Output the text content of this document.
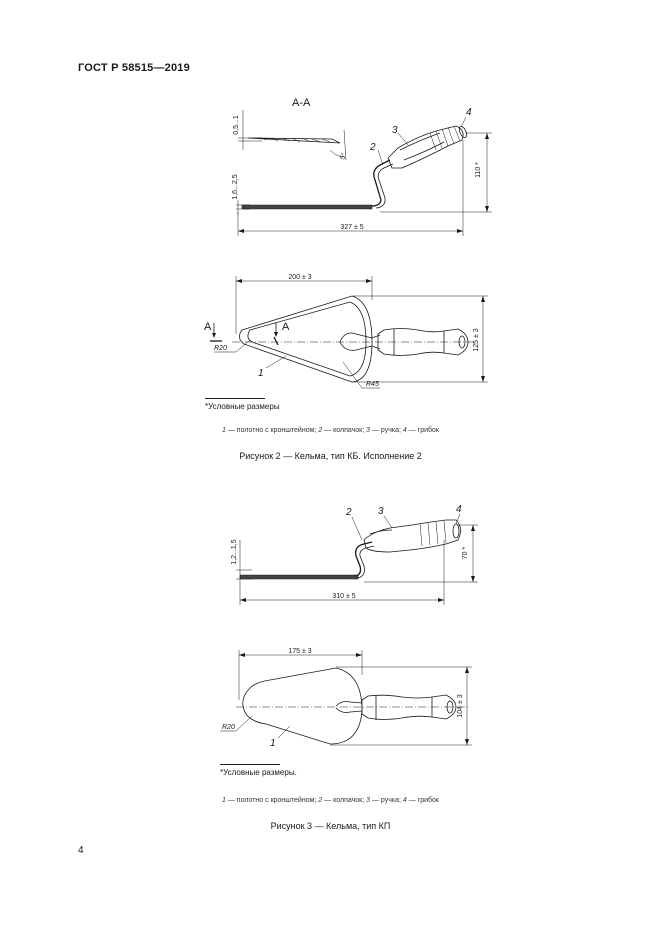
ГОСТ Р 58515—2019
А-А
0,5...1
5°
1,6...2,5
2
3
4
110 *
327 ± 5
200 ± 3
125 ± 3
А	А
R20
R45
1
1,2...1,5
2	3	4
70 *
310 ± 5
175 ± 3
104 ± 3
R20
1
*Условные размеры
1 — полотно с кронштейном; 2 — колпачок; 3 — ручка; 4 — грибок
Рисунок 2 — Кельма, тип КБ. Исполнение 2
*Условные размеры.
1 — полотно с кронштейном; 2 — колпачок; 3 — ручка; 4 — грибок
Рисунок 3 — Кельма, тип КП
4
